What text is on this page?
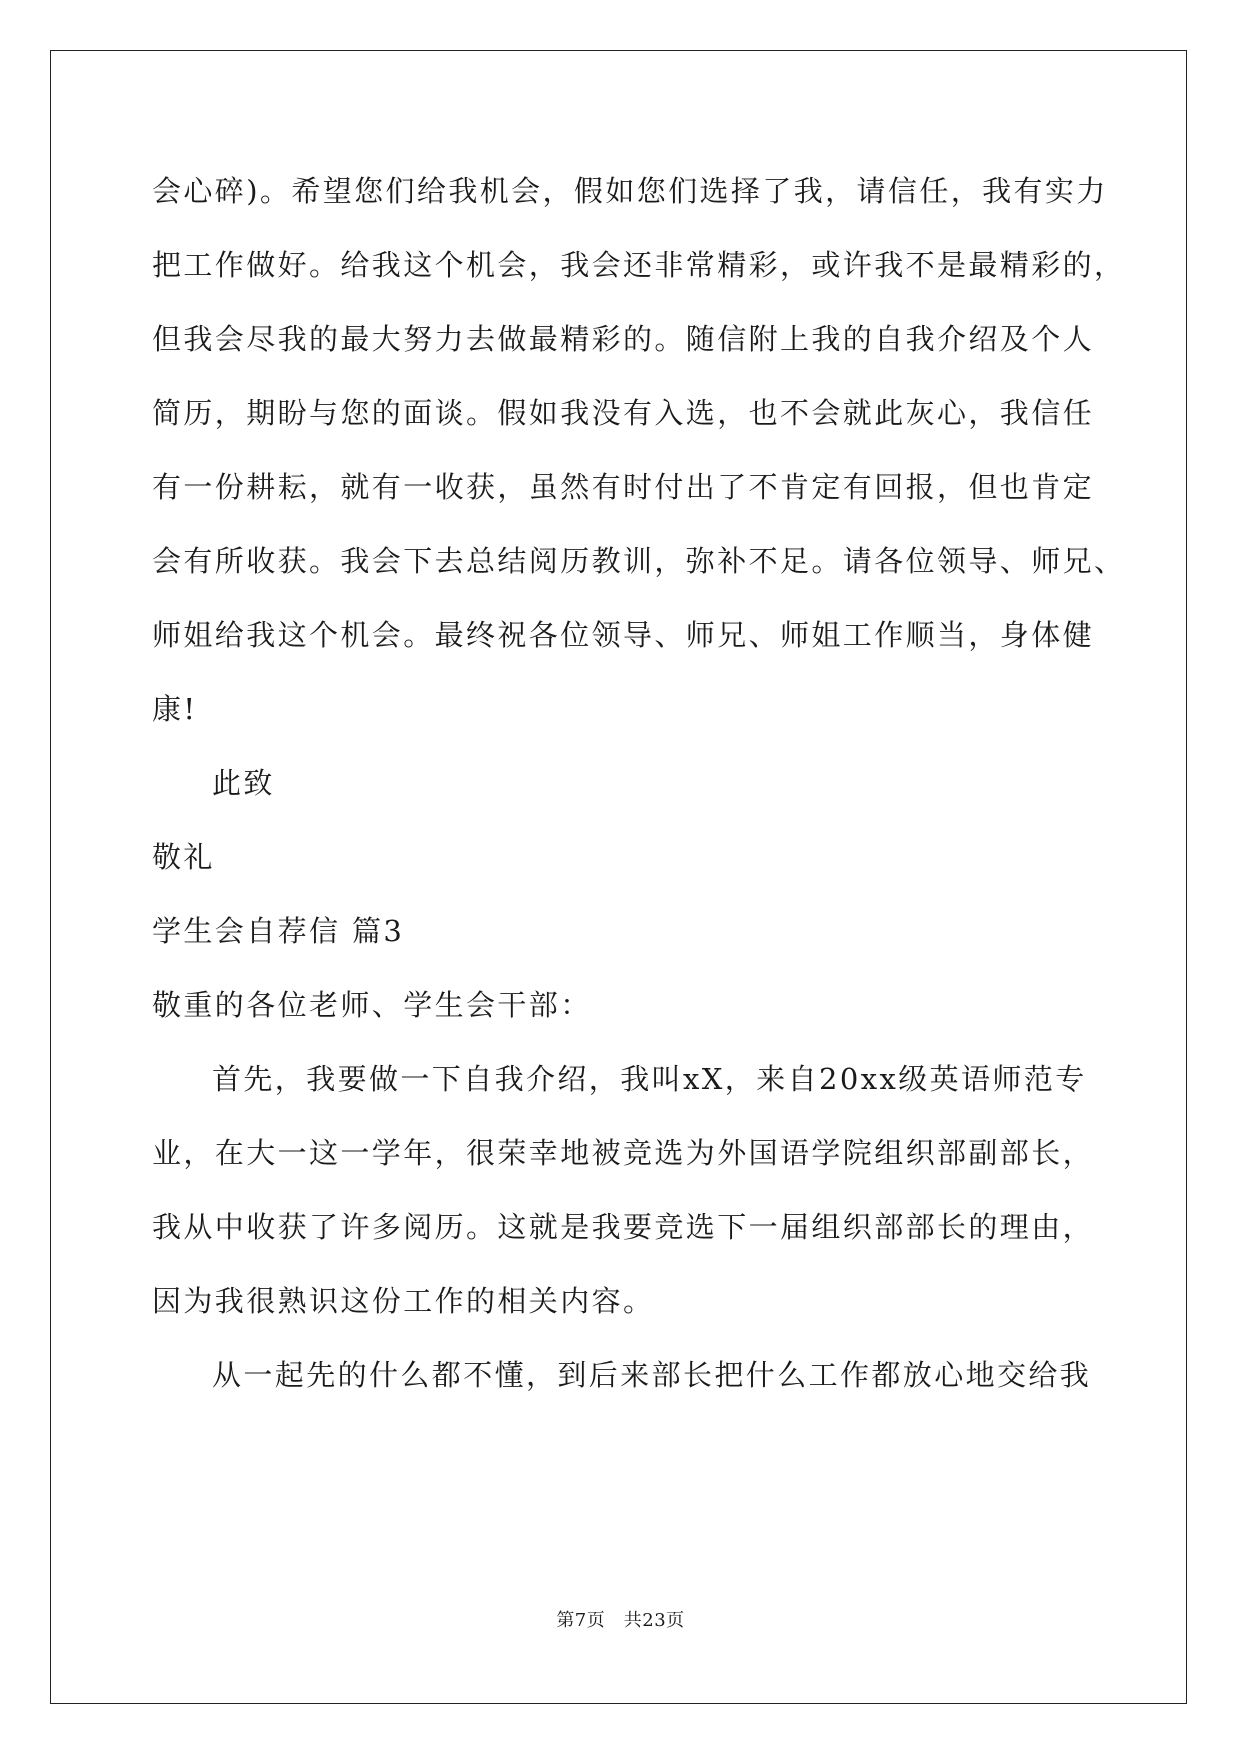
会心碎)。希望您们给我机会，假如您们选择了我，请信任，我有实力
把工作做好。给我这个机会，我会还非常精彩，或许我不是最精彩的，
但我会尽我的最大努力去做最精彩的。随信附上我的自我介绍及个人
简历，期盼与您的面谈。假如我没有入选，也不会就此灰心，我信任
有一份耕耘，就有一收获，虽然有时付出了不肯定有回报，但也肯定
会有所收获。我会下去总结阅历教训，弥补不足。请各位领导、师兄、
师姐给我这个机会。最终祝各位领导、师兄、师姐工作顺当，身体健
康!
此致
敬礼
学生会自荐信 篇3
敬重的各位老师、学生会干部：
首先，我要做一下自我介绍，我叫xX，来自20xx级英语师范专
业，在大一这一学年，很荣幸地被竞选为外国语学院组织部副部长，
我从中收获了许多阅历。这就是我要竞选下一届组织部部长的理由，
因为我很熟识这份工作的相关内容。
从一起先的什么都不懂，到后来部长把什么工作都放心地交给我
第7页　共23页
